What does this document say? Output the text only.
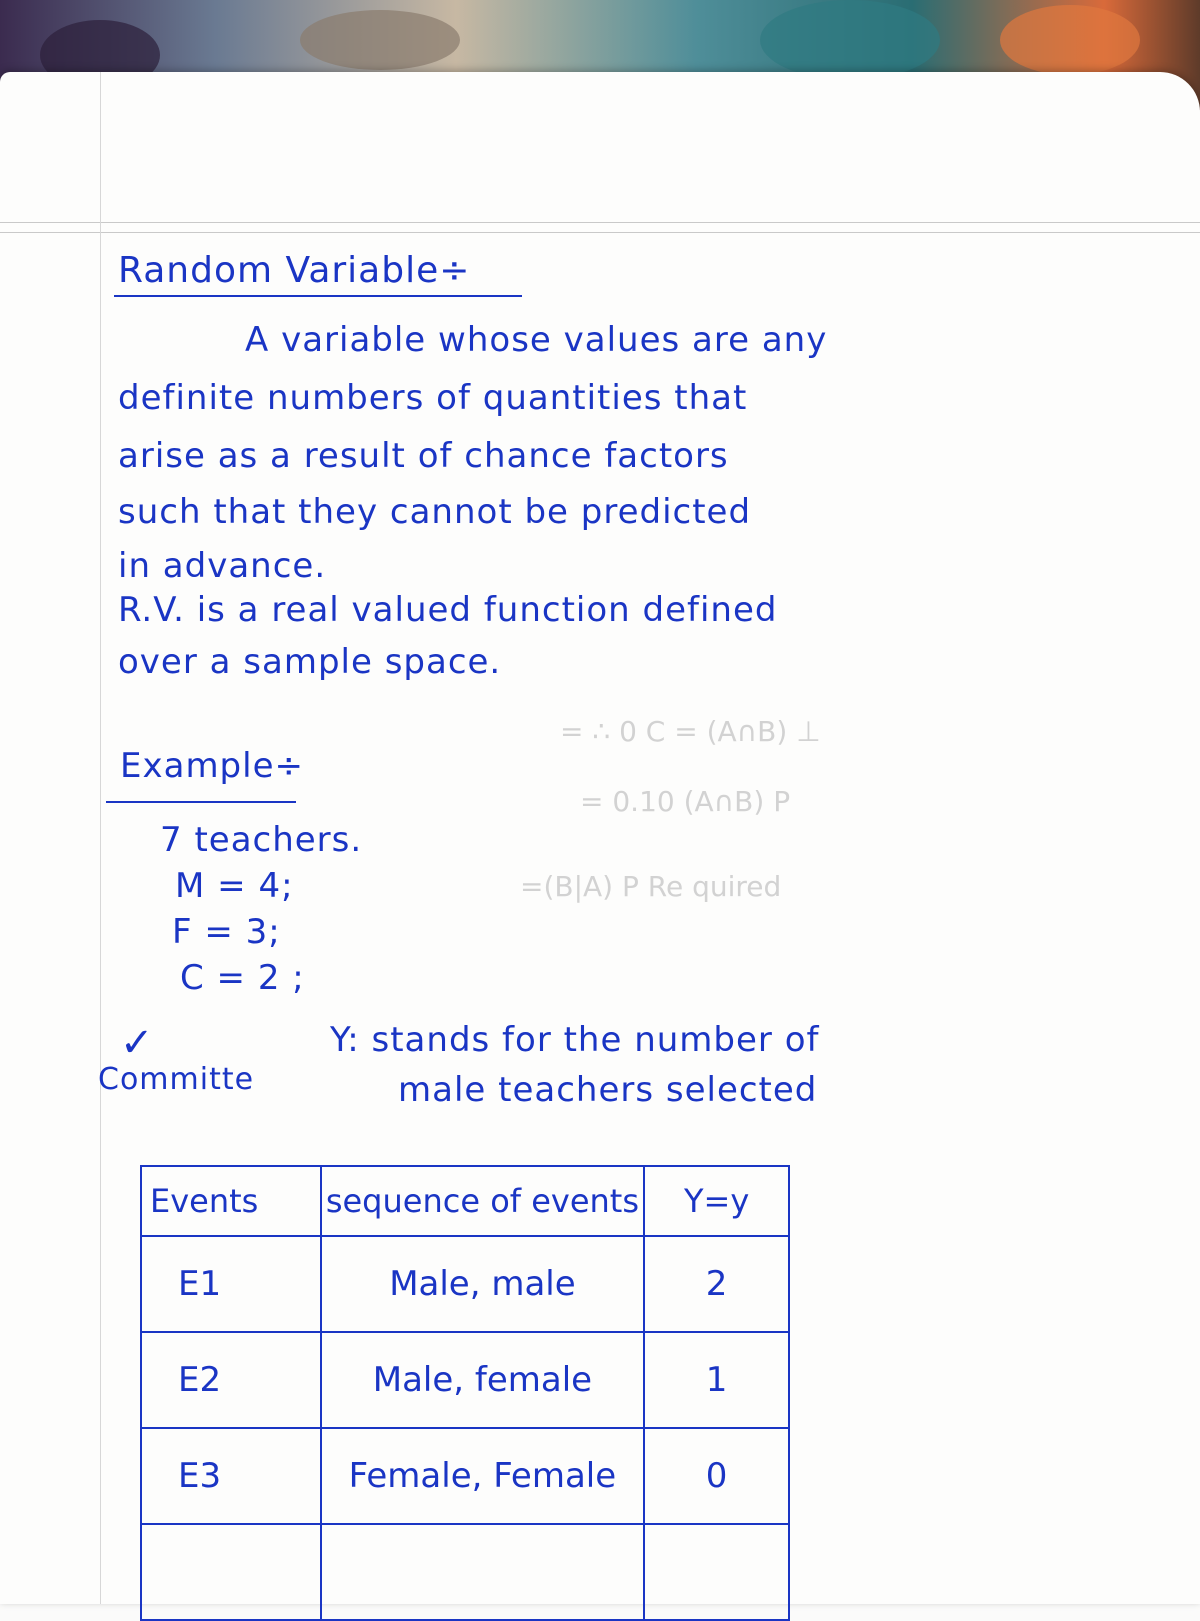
= ∴ 0 C = (A∩B) ⊥
= 0.10 (A∩B) P
=(B|A) P Re quired
Random Variable÷
A variable whose values are any
definite numbers of quantities that
arise as a result of chance factors
such that they cannot be predicted
in advance.
R.V. is a real valued function defined
over a sample space.
Example÷
7 teachers.
M = 4;
F = 3;
C = 2 ;
✓
Committe
Y: stands for the number of
male teachers selected
Events	sequence of events	Y=y
E1	Male, male	2
E2	Male, female	1
E3	Female, Female	0
